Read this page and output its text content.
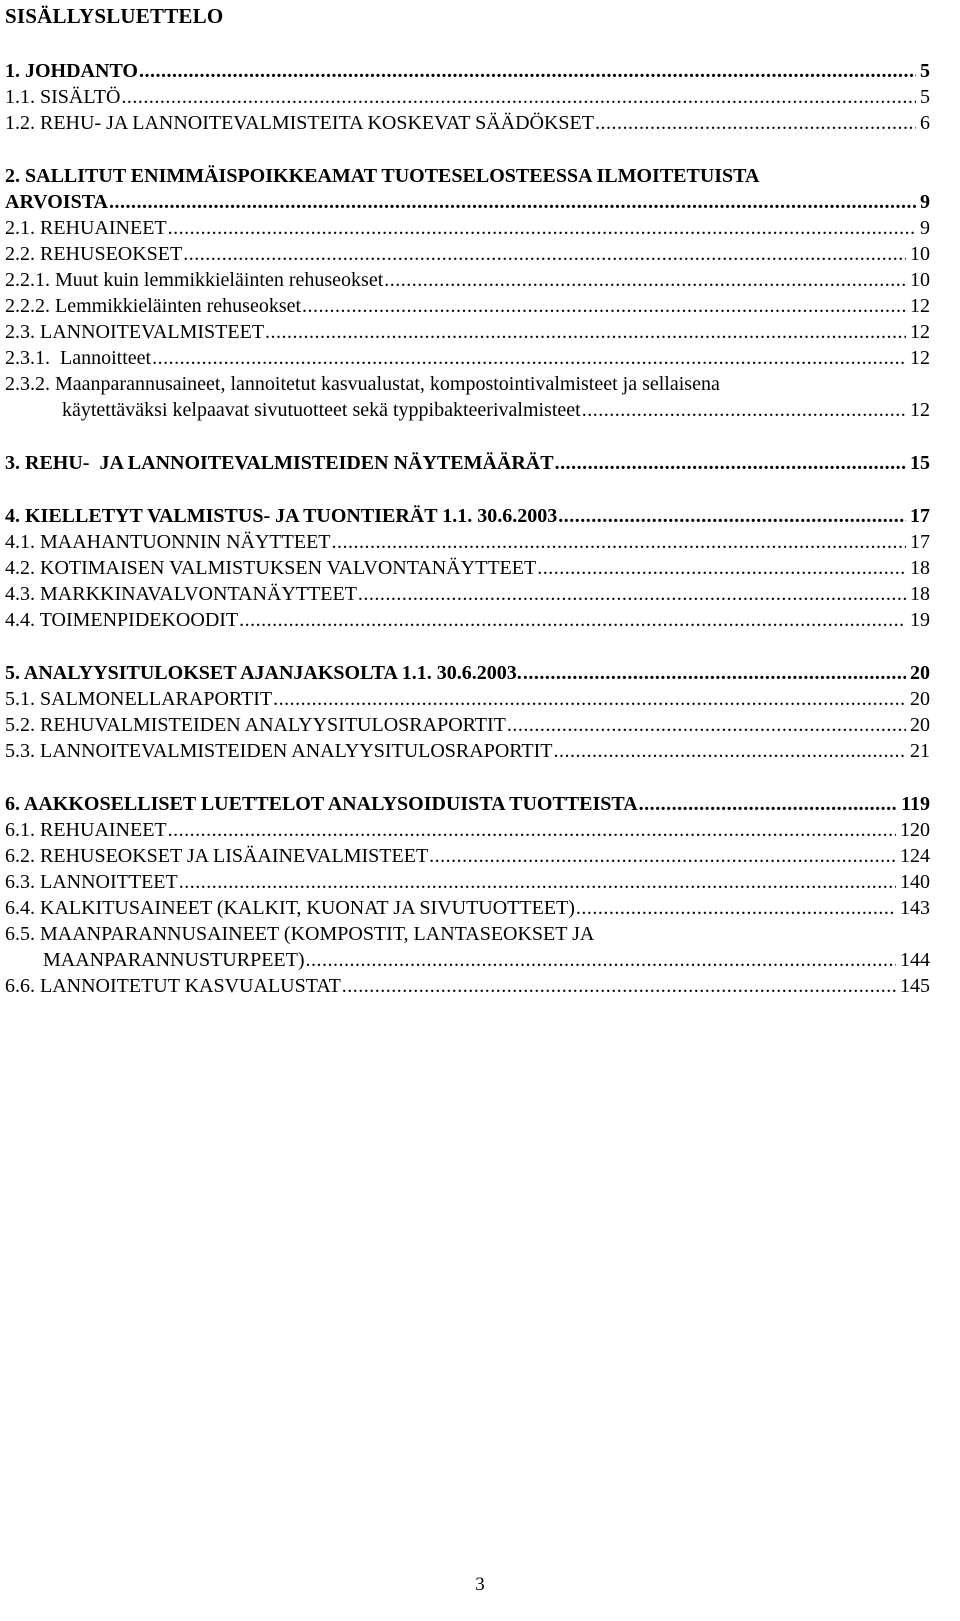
SISÄLLYSLUETTELO
1. JOHDANTO .....	5
1.1. SISÄLTÖ .....	5
1.2. REHU- JA LANNOITEVALMISTEITA KOSKEVAT SÄÄDÖKSET .....	6
2. SALLITUT ENIMMÄISPOIKKEAMAT TUOTESELOSTEESSA ILMOITETUISTA
ARVOISTA .....	9
2.1. REHUAINEET .....	9
2.2. REHUSEOKSET .....	10
2.2.1. Muut kuin lemmikkieläinten rehuseokset .....	10
2.2.2. Lemmikkieläinten rehuseokset .....	12
2.3. LANNOITEVALMISTEET .....	12
2.3.1.  Lannoitteet .....	12
2.3.2. Maanparannusaineet, lannoitetut kasvualustat, kompostointivalmisteet ja sellaisena
käytettäväksi kelpaavat sivutuotteet sekä typpibakteerivalmisteet .....	12
3. REHU-  JA LANNOITEVALMISTEIDEN NÄYTEMÄÄRÄT .....	15
4. KIELLETYT VALMISTUS- JA TUONTIERÄT 1.1. 30.6.2003 .....	17
4.1. MAAHANTUONNIN NÄYTTEET .....	17
4.2. KOTIMAISEN VALMISTUKSEN VALVONTANÄYTTEET .....	18
4.3. MARKKINAVALVONTANÄYTTEET .....	18
4.4. TOIMENPIDEKOODIT .....	19
5. ANALYYSITULOKSET AJANJAKSOLTA 1.1. 30.6.2003. .....	20
5.1. SALMONELLARAPORTIT .....	20
5.2. REHUVALMISTEIDEN ANALYYSITULOSRAPORTIT .....	20
5.3. LANNOITEVALMISTEIDEN ANALYYSITULOSRAPORTIT .....	21
6. AAKKOSELLISET LUETTELOT ANALYSOIDUISTA TUOTTEISTA .....	119
6.1. REHUAINEET .....	120
6.2. REHUSEOKSET JA LISÄAINEVALMISTEET .....	124
6.3. LANNOITTEET .....	140
6.4. KALKITUSAINEET (KALKIT, KUONAT JA SIVUTUOTTEET) .....	143
6.5. MAANPARANNUSAINEET (KOMPOSTIT, LANTASEOKSET JA
MAANPARANNUSTURPEET) .....	144
6.6. LANNOITETUT KASVUALUSTAT .....	145
3
